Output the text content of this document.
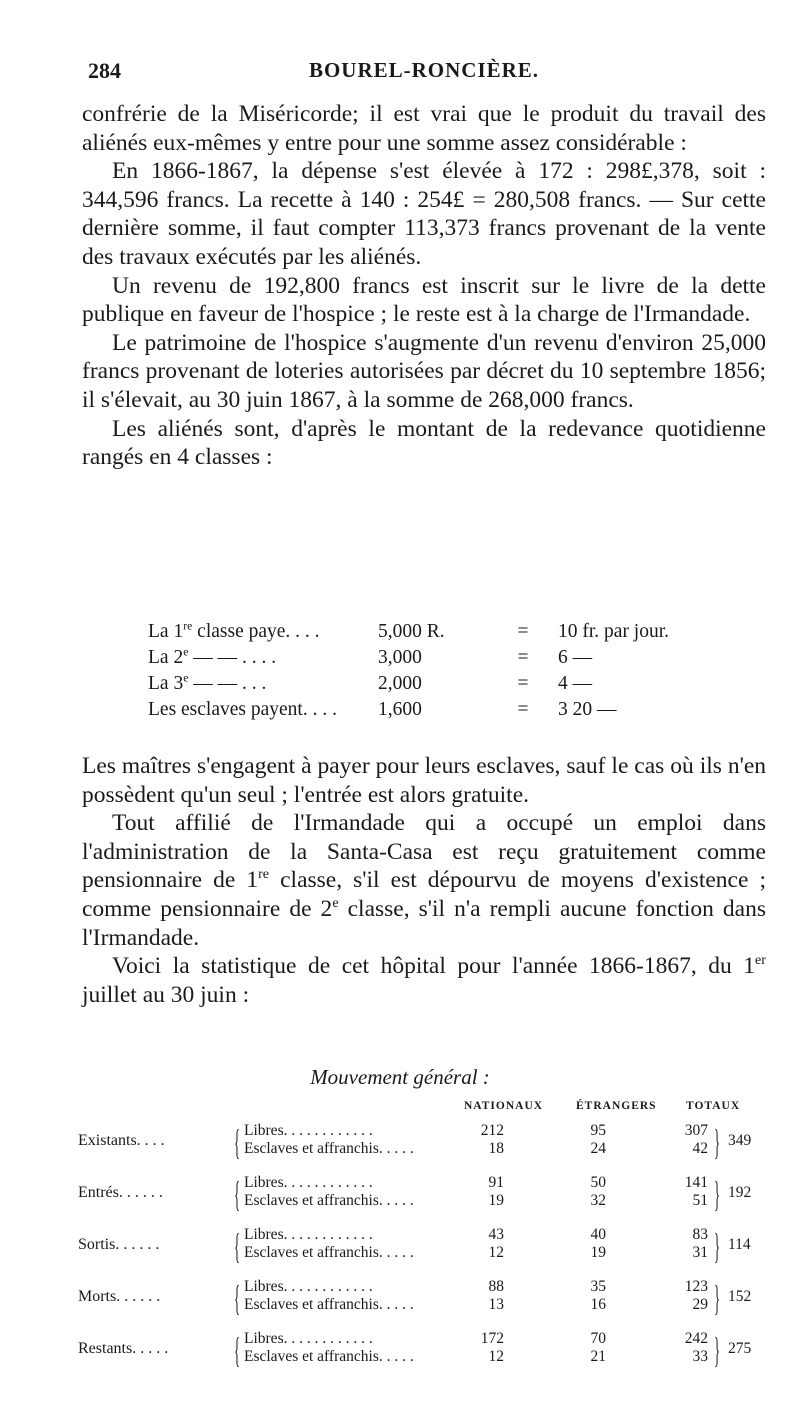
284	BOUREL-RONCIÈRE.

confrérie de la Miséricorde; il est vrai que le produit du travail des aliénés eux-mêmes y entre pour une somme assez considérable :

En 1866-1867, la dépense s'est élevée à 172 : 298£,378, soit : 344,596 francs. La recette à 140 : 254£ = 280,508 francs. — Sur cette dernière somme, il faut compter 113,373 francs provenant de la vente des travaux exécutés par les aliénés.

Un revenu de 192,800 francs est inscrit sur le livre de la dette publique en faveur de l'hospice ; le reste est à la charge de l'Irmandade.

Le patrimoine de l'hospice s'augmente d'un revenu d'environ 25,000 francs provenant de loteries autorisées par décret du 10 septembre 1856; il s'élevait, au 30 juin 1867, à la somme de 268,000 francs.

Les aliénés sont, d'après le montant de la redevance quotidienne rangés en 4 classes :

La 1re classe paye. . . .	5,000 R.	=	10 fr. par jour.
La 2e — — . . . .	3,000	=	6 —
La 3e — — . . .	2,000	=	4 —
Les esclaves payent. . . .	1,600	=	3 20 —

Les maîtres s'engagent à payer pour leurs esclaves, sauf le cas où ils n'en possèdent qu'un seul ; l'entrée est alors gratuite.

Tout affilié de l'Irmandade qui a occupé un emploi dans l'administration de la Santa-Casa est reçu gratuitement comme pensionnaire de 1re classe, s'il est dépourvu de moyens d'existence ; comme pensionnaire de 2e classe, s'il n'a rempli aucune fonction dans l'Irmandade.

Voici la statistique de cet hôpital pour l'année 1866-1867, du 1er juillet au 30 juin :

Mouvement général :
NATIONAUX	ÉTRANGERS	TOTAUX
Existants. . . . { Libres. . . . . . . . . . . .	212	95	307
Esclaves et affranchis. . . . .	18	24	42 } 349
Entrés. . . . . . { Libres. . . . . . . . . . . .	91	50	141
Esclaves et affranchis. . . . .	19	32	51 } 192
Sortis. . . . . . { Libres. . . . . . . . . . . .	43	40	83
Esclaves et affranchis. . . . .	12	19	31 } 114
Morts. . . . . . { Libres. . . . . . . . . . . .	88	35	123
Esclaves et affranchis. . . . .	13	16	29 } 152
Restants. . . . . { Libres. . . . . . . . . . . .	172	70	242
Esclaves et affranchis. . . . .	12	21	33 } 275
